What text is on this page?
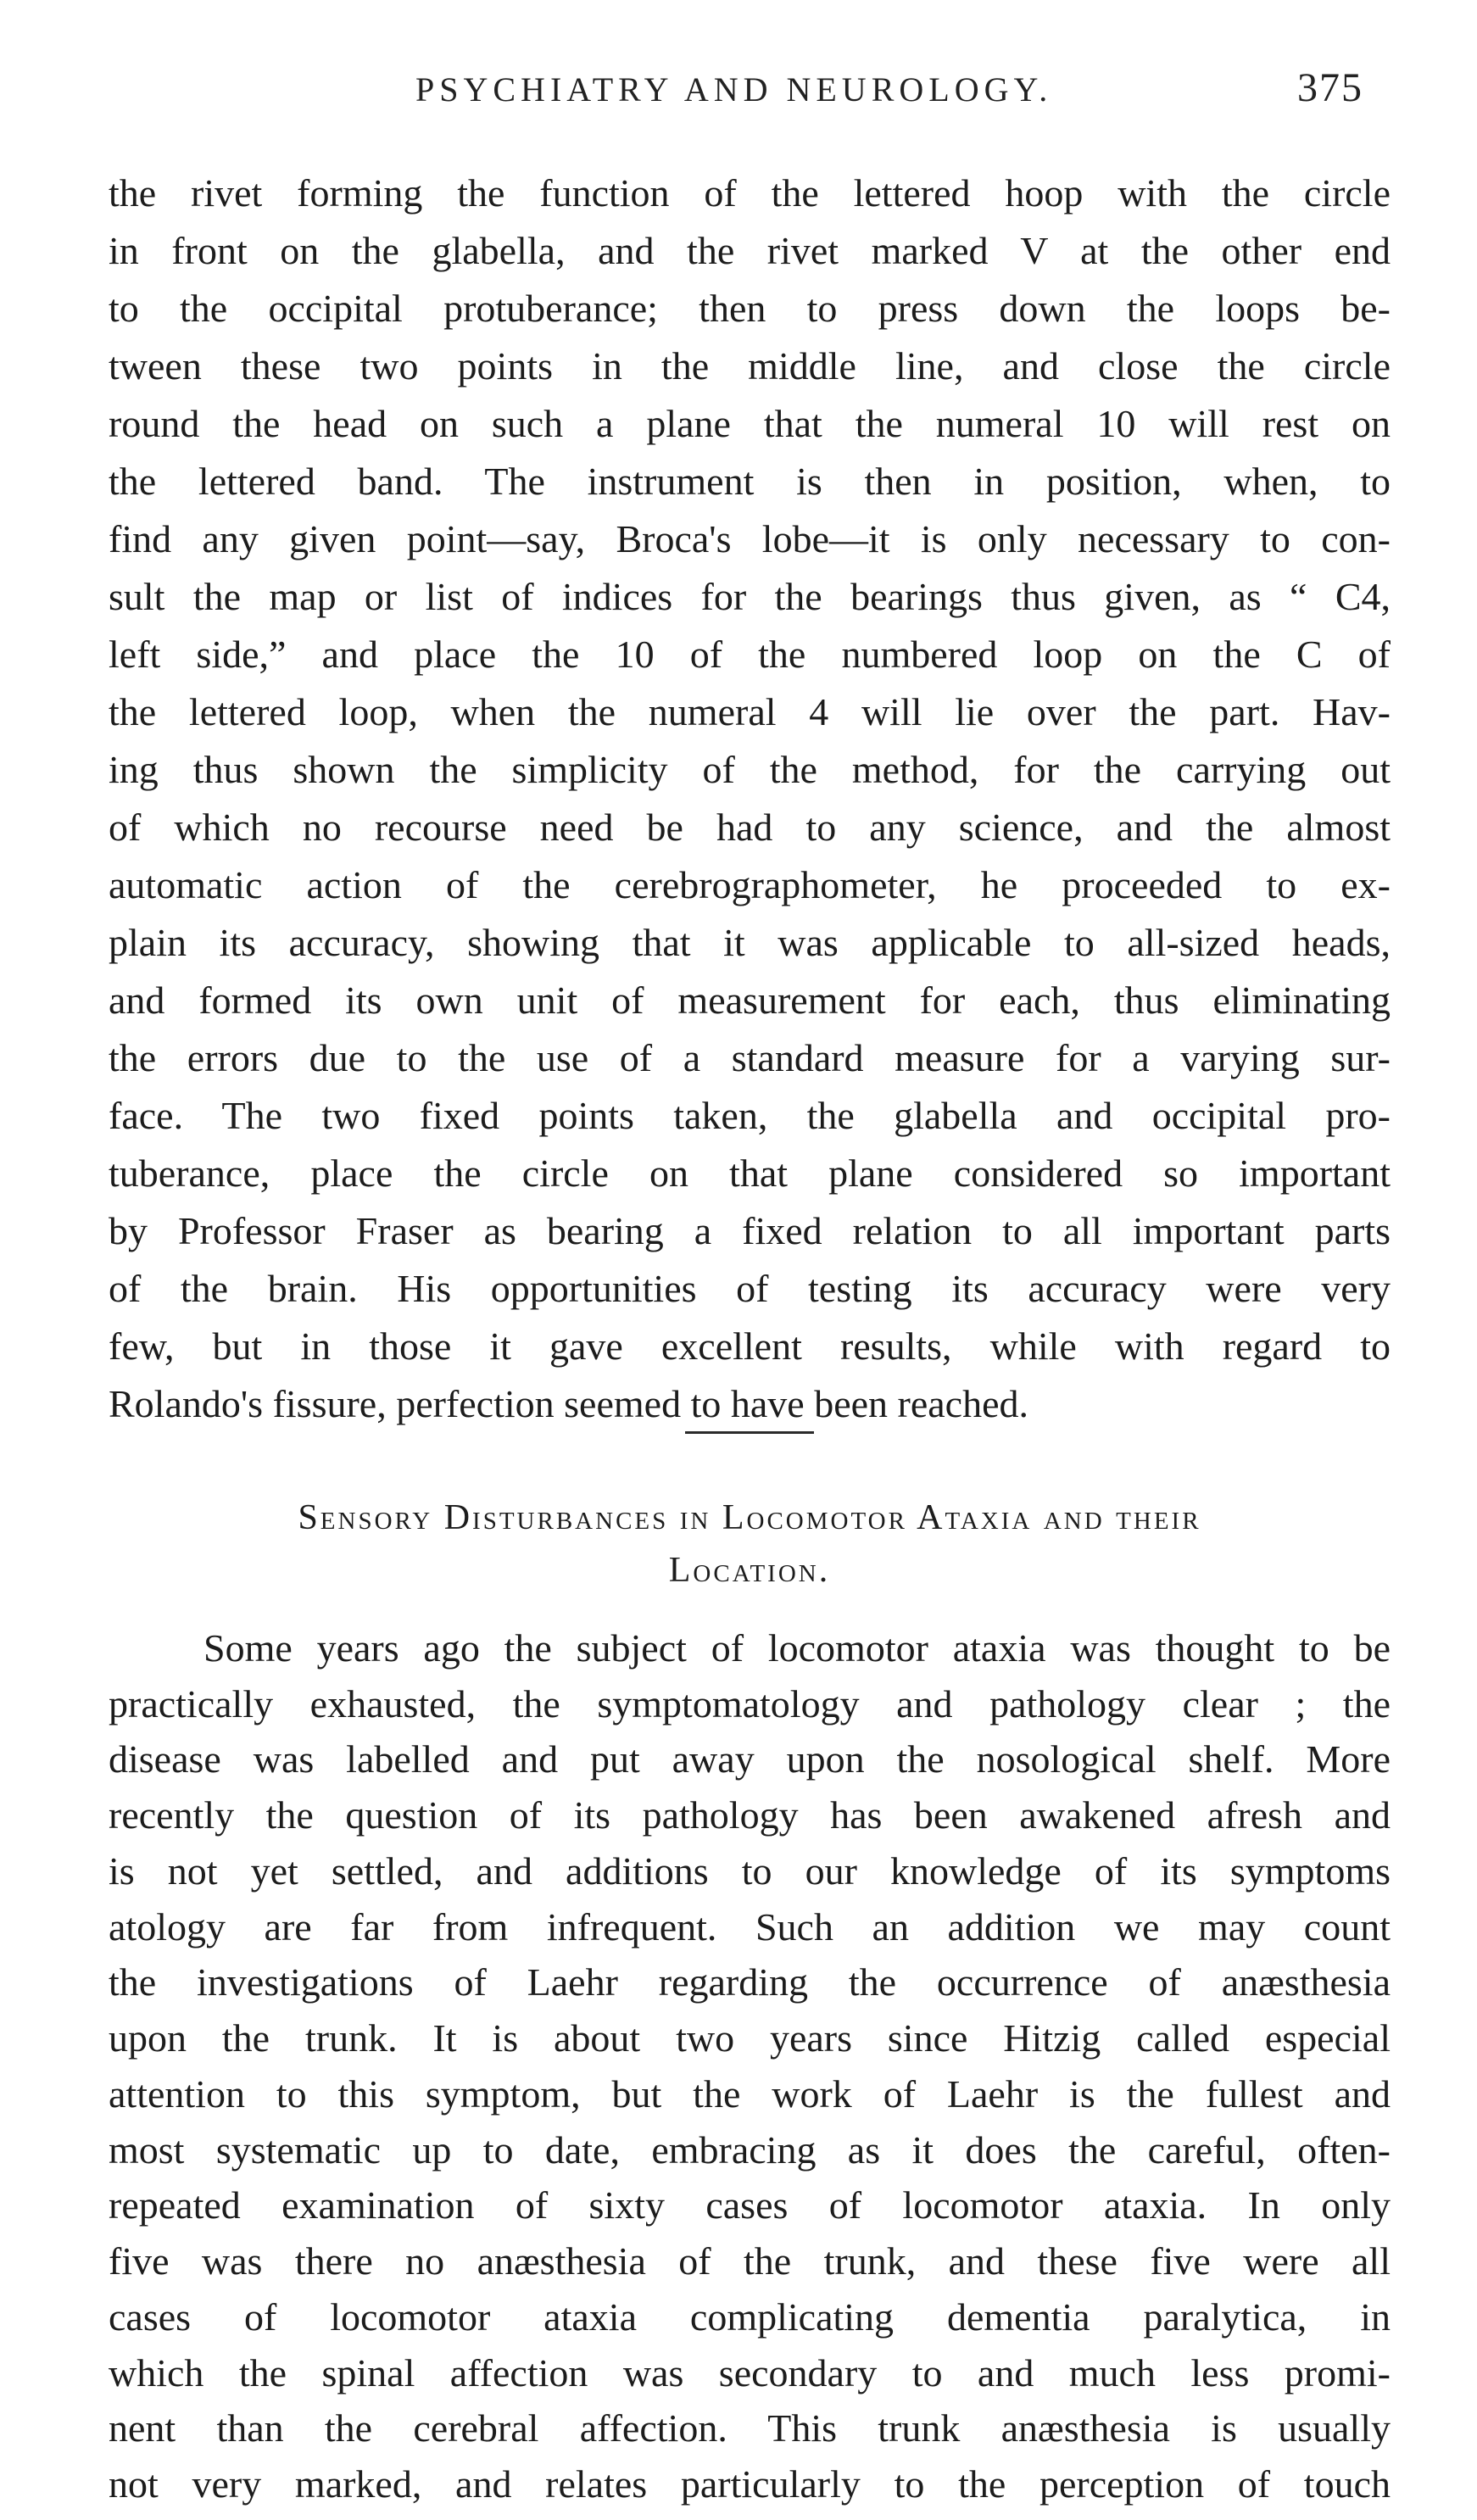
PSYCHIATRY AND NEUROLOGY.	375
the rivet forming the function of the lettered hoop with the circle
in front on the glabella, and the rivet marked V at the other end
to the occipital protuberance; then to press down the loops be-
tween these two points in the middle line, and close the circle
round the head on such a plane that the numeral 10 will rest on
the lettered band. The instrument is then in position, when, to
find any given point—say, Broca's lobe—it is only necessary to con-
sult the map or list of indices for the bearings thus given, as “ C4,
left side,” and place the 10 of the numbered loop on the C of
the lettered loop, when the numeral 4 will lie over the part. Hav-
ing thus shown the simplicity of the method, for the carrying out
of which no recourse need be had to any science, and the almost
automatic action of the cerebrographometer, he proceeded to ex-
plain its accuracy, showing that it was applicable to all-sized heads,
and formed its own unit of measurement for each, thus eliminating
the errors due to the use of a standard measure for a varying sur-
face. The two fixed points taken, the glabella and occipital pro-
tuberance, place the circle on that plane considered so important
by Professor Fraser as bearing a fixed relation to all important parts
of the brain. His opportunities of testing its accuracy were very
few, but in those it gave excellent results, while with regard to
Rolando's fissure, perfection seemed to have been reached.
Sensory Disturbances in Locomotor Ataxia and their
Location.
Some years ago the subject of locomotor ataxia was thought to be
practically exhausted, the symptomatology and pathology clear ; the
disease was labelled and put away upon the nosological shelf. More
recently the question of its pathology has been awakened afresh and
is not yet settled, and additions to our knowledge of its symptoms
atology are far from infrequent. Such an addition we may count
the investigations of Laehr regarding the occurrence of anæsthesia
upon the trunk. It is about two years since Hitzig called especial
attention to this symptom, but the work of Laehr is the fullest and
most systematic up to date, embracing as it does the careful, often-
repeated examination of sixty cases of locomotor ataxia. In only
five was there no anæsthesia of the trunk, and these five were all
cases of locomotor ataxia complicating dementia paralytica, in
which the spinal affection was secondary to and much less promi-
nent than the cerebral affection. This trunk anæsthesia is usually
not very marked, and relates particularly to the perception of touch
